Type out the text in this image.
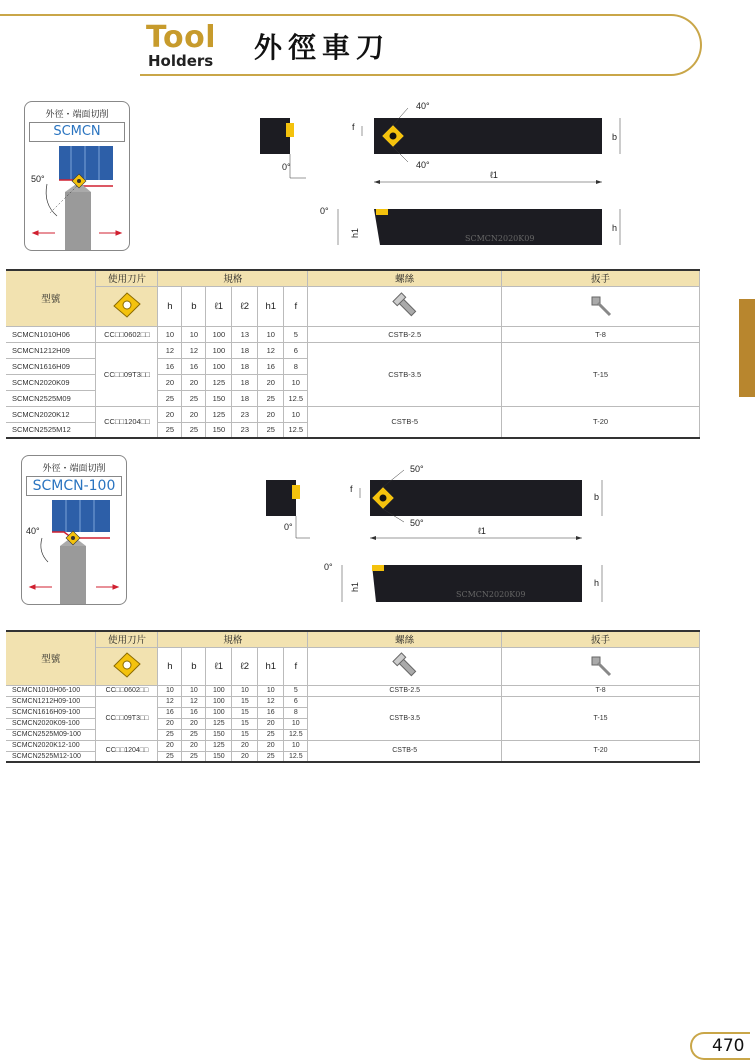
Tool
Holders 外徑車刀
外徑・端面切削
SCMCN
50°
0°
40°
40°
f
ℓ1
b
SCMCN2020K09
0°
h1	h
型號	使用刀片	規格						螺絲	扳手
	h	b	ℓ1	ℓ2	h1	f		
SCMCN1010H06	CC□□0602□□	10	10	100	13	10	5	CSTB-2.5	T-8
SCMCN1212H09	CC□□09T3□□	12	12	100	18	12	6	CSTB-3.5	T-15
SCMCN1616H09		16	16	100	18	16	8		
SCMCN2020K09		20	20	125	18	20	10		
SCMCN2525M09		25	25	150	18	25	12.5		
SCMCN2020K12	CC□□1204□□	20	20	125	23	20	10	CSTB-5	T-20
SCMCN2525M12		25	25	150	23	25	12.5		
外徑・端面切削
SCMCN-100
40°	0°
50°
50°
f
ℓ1
b
SCMCN2020K09
0°
h1	h
型號	使用刀片	規格						螺絲	扳手
	h	b	ℓ1	ℓ2	h1	f		
SCMCN1010H06-100	CC□□0602□□	10	10	100	10	10	5	CSTB-2.5	T-8
SCMCN1212H09-100	CC□□09T3□□	12	12	100	15	12	6	CSTB-3.5	T-15
SCMCN1616H09-100		16	16	100	15	16	8		
SCMCN2020K09-100		20	20	125	15	20	10		
SCMCN2525M09-100		25	25	150	15	25	12.5		
SCMCN2020K12-100	CC□□1204□□	20	20	125	20	20	10	CSTB-5	T-20
SCMCN2525M12-100		25	25	150	20	25	12.5		
470
